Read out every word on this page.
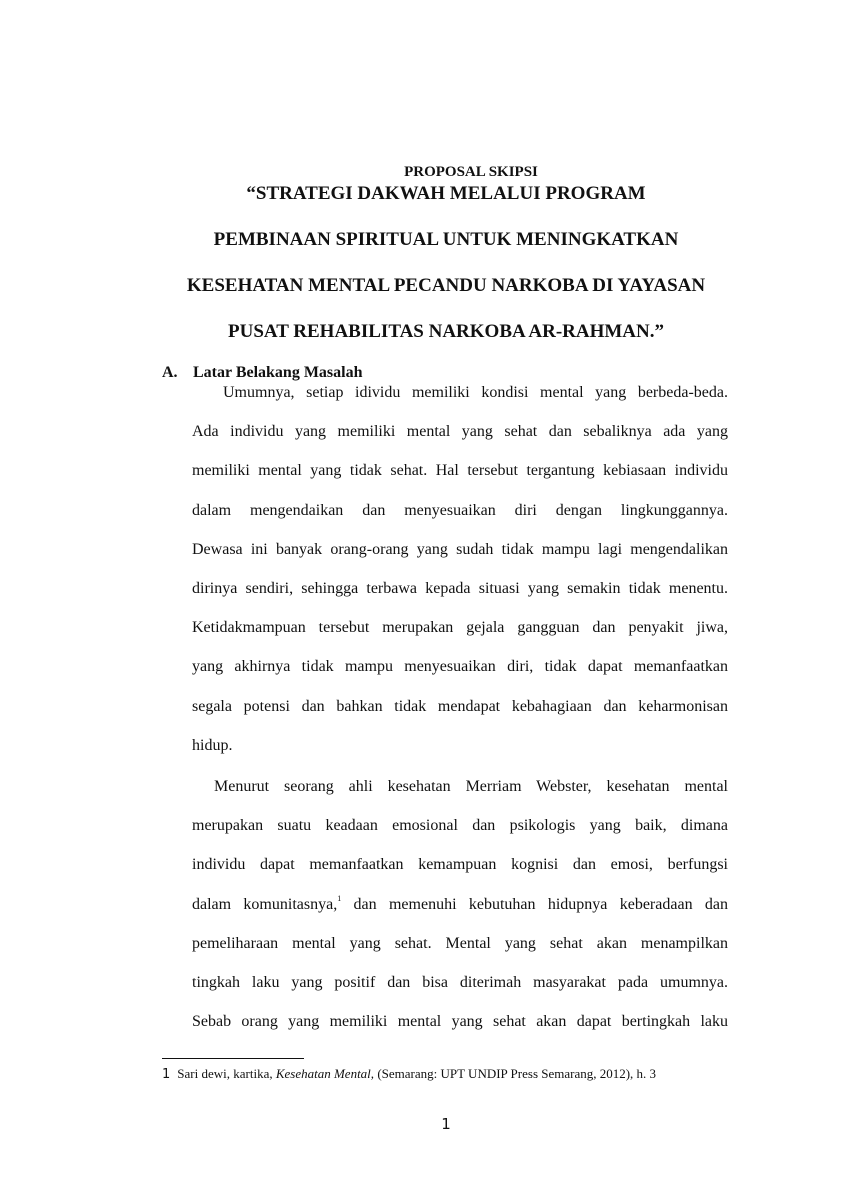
PROPOSAL SKIPSI
“STRATEGI DAKWAH MELALUI PROGRAM
PEMBINAAN SPIRITUAL UNTUK MENINGKATKAN
KESEHATAN MENTAL PECANDU NARKOBA DI YAYASAN
PUSAT REHABILITAS NARKOBA AR-RAHMAN.”
A. Latar Belakang Masalah

Umumnya, setiap idividu memiliki kondisi mental yang berbeda-beda.
Ada individu yang memiliki mental yang sehat dan sebaliknya ada yang
memiliki mental yang tidak sehat. Hal tersebut tergantung kebiasaan individu
dalam mengendaikan dan menyesuaikan diri dengan lingkunggannya.
Dewasa ini banyak orang-orang yang sudah tidak mampu lagi mengendalikan
dirinya sendiri, sehingga terbawa kepada situasi yang semakin tidak menentu.
Ketidakmampuan tersebut merupakan gejala gangguan dan penyakit jiwa,
yang akhirnya tidak mampu menyesuaikan diri, tidak dapat memanfaatkan
segala potensi dan bahkan tidak mendapat kebahagiaan dan keharmonisan
hidup.

Menurut seorang ahli kesehatan Merriam Webster, kesehatan mental
merupakan suatu keadaan emosional dan psikologis yang baik, dimana
individu dapat memanfaatkan kemampuan kognisi dan emosi, berfungsi
dalam komunitasnya,$^1$ dan memenuhi kebutuhan hidupnya keberadaan dan
pemeliharaan mental yang sehat. Mental yang sehat akan menampilkan
tingkah laku yang positif dan bisa diterimah masyarakat pada umumnya.
Sebab orang yang memiliki mental yang sehat akan dapat bertingkah laku

1 Sari dewi, kartika, Kesehatan Mental, (Semarang: UPT UNDIP Press Semarang, 2012), h. 3
1
